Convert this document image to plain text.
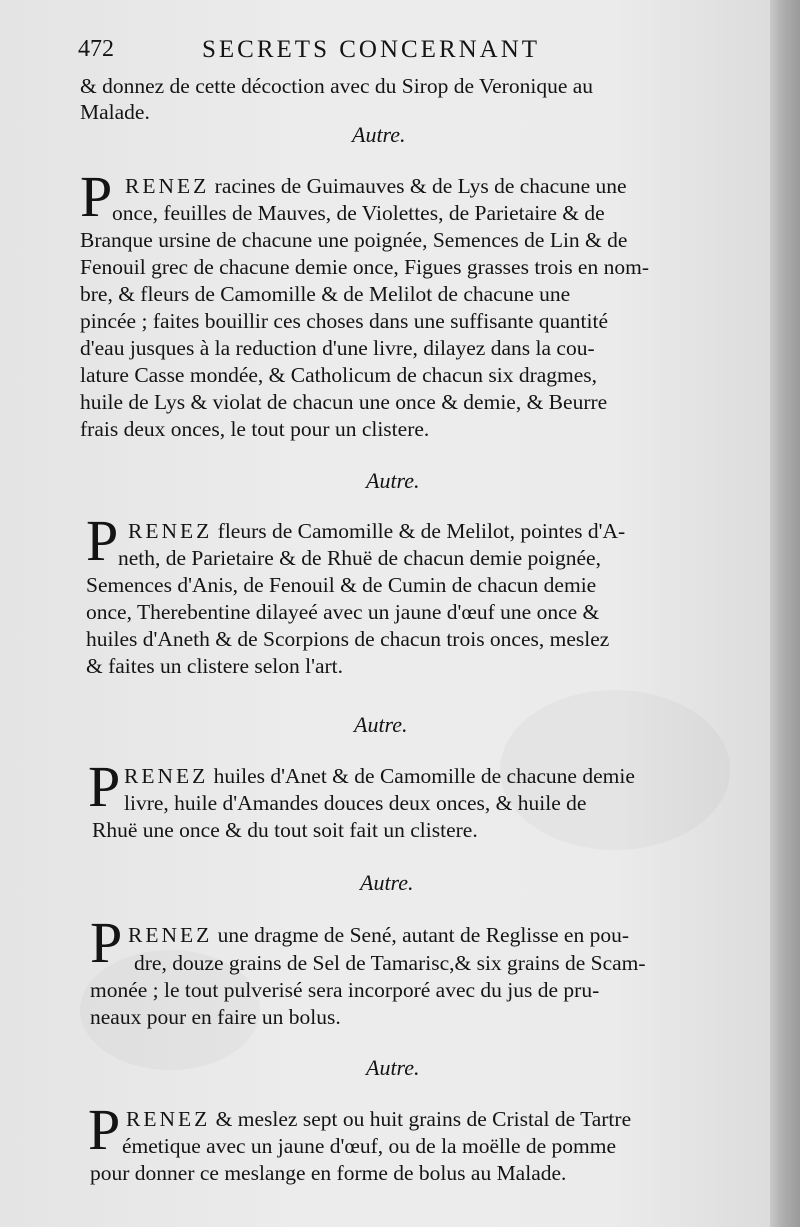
472	SECRETS CONCERNANT
& donnez de cette décoction avec du Sirop de Veronique au
Malade.
Autre.
P RENEZ racines de Guimauves & de Lys de chacune une
once, feuilles de Mauves, de Violettes, de Parietaire & de
Branque ursine de chacune une poignée, Semences de Lin & de
Fenouil grec de chacune demie once, Figues grasses trois en nom-
bre, & fleurs de Camomille & de Melilot de chacune une
pincée ; faites bouillir ces choses dans une suffisante quantité
d'eau jusques à la reduction d'une livre, dilayez dans la cou-
lature Casse mondée, & Catholicum de chacun six dragmes,
huile de Lys & violat de chacun une once & demie, & Beurre
frais deux onces, le tout pour un clistere.
Autre.
P RENEZ fleurs de Camomille & de Melilot, pointes d'A-
neth, de Parietaire & de Rhuë de chacun demie poignée,
Semences d'Anis, de Fenouil & de Cumin de chacun demie
once, Therebentine dilayeé avec un jaune d'œuf une once &
huiles d'Aneth & de Scorpions de chacun trois onces, meslez
& faites un clistere selon l'art.
Autre.
P RENEZ huiles d'Anet & de Camomille de chacune demie
livre, huile d'Amandes douces deux onces, & huile de
Rhuë une once & du tout soit fait un clistere.
Autre.
P RENEZ une dragme de Sené, autant de Reglisse en pou-
dre, douze grains de Sel de Tamarisc,& six grains de Scam-
monée ; le tout pulverisé sera incorporé avec du jus de pru-
neaux pour en faire un bolus.
Autre.
P RENEZ & meslez sept ou huit grains de Cristal de Tartre
émetique avec un jaune d'œuf, ou de la moëlle de pomme
pour donner ce meslange en forme de bolus au Malade.
